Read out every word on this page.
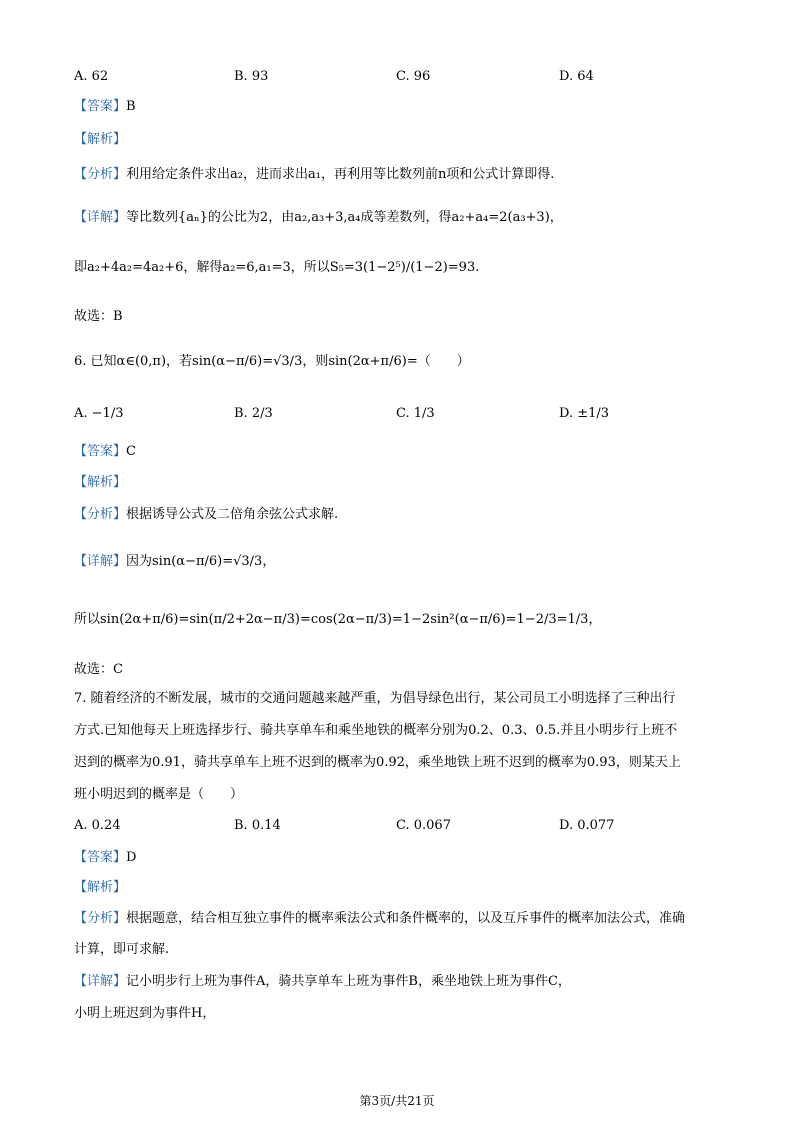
A. 62	B. 93	C. 96	D. 64
【答案】B
【解析】
【分析】利用给定条件求出a₂，进而求出a₁，再利用等比数列前n项和公式计算即得.
【详解】等比数列{aₙ}的公比为2，由a₂,a₃+3,a₄成等差数列，得a₂+a₄=2(a₃+3)，
即a₂+4a₂=4a₂+6，解得a₂=6,a₁=3，所以S₅=3(1−2⁵)/(1−2)=93.
故选：B
6. 已知α∈(0,π)，若sin(α−π/6)=√3/3，则sin(2α+π/6)=（　　）
A. −1/3	B. 2/3	C. 1/3	D. ±1/3
【答案】C
【解析】
【分析】根据诱导公式及二倍角余弦公式求解.
【详解】因为sin(α−π/6)=√3/3，
所以sin(2α+π/6)=sin(π/2+2α−π/3)=cos(2α−π/3)=1−2sin²(α−π/6)=1−2/3=1/3，
故选：C
7. 随着经济的不断发展，城市的交通问题越来越严重，为倡导绿色出行，某公司员工小明选择了三种出行
方式.已知他每天上班选择步行、骑共享单车和乘坐地铁的概率分别为0.2、0.3、0.5.并且小明步行上班不
迟到的概率为0.91，骑共享单车上班不迟到的概率为0.92，乘坐地铁上班不迟到的概率为0.93，则某天上
班小明迟到的概率是（　　）
A. 0.24	B. 0.14	C. 0.067	D. 0.077
【答案】D
【解析】
【分析】根据题意，结合相互独立事件的概率乘法公式和条件概率的，以及互斥事件的概率加法公式，准确
计算，即可求解.
【详解】记小明步行上班为事件A，骑共享单车上班为事件B，乘坐地铁上班为事件C，
小明上班迟到为事件H，
第3页/共21页
